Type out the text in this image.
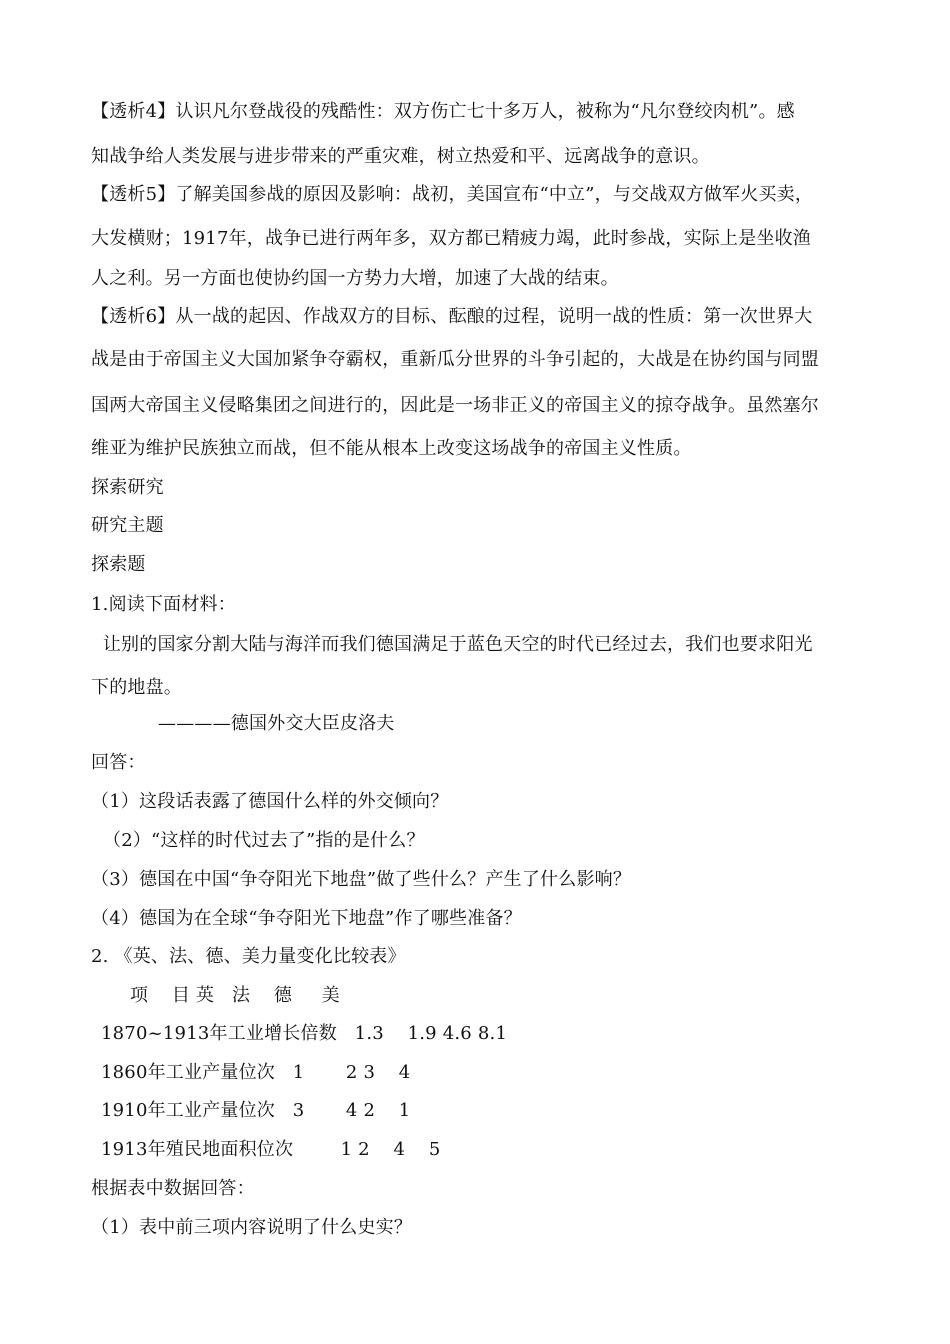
【透析4】认识凡尔登战役的残酷性：双方伤亡七十多万人，被称为“凡尔登绞肉机”。感
知战争给人类发展与进步带来的严重灾难，树立热爱和平、远离战争的意识。
【透析5】了解美国参战的原因及影响：战初，美国宣布“中立”，与交战双方做军火买卖，
大发横财；1917年，战争已进行两年多，双方都已精疲力竭，此时参战，实际上是坐收渔
人之利。另一方面也使协约国一方势力大增，加速了大战的结束。
【透析6】从一战的起因、作战双方的目标、酝酿的过程，说明一战的性质：第一次世界大
战是由于帝国主义大国加紧争夺霸权，重新瓜分世界的斗争引起的，大战是在协约国与同盟
国两大帝国主义侵略集团之间进行的，因此是一场非正义的帝国主义的掠夺战争。虽然塞尔
维亚为维护民族独立而战，但不能从根本上改变这场战争的帝国主义性质。
探索研究
研究主题
探索题
1.阅读下面材料：
让别的国家分割大陆与海洋而我们德国满足于蓝色天空的时代已经过去，我们也要求阳光
下的地盘。
————德国外交大臣皮洛夫
回答：
（1）这段话表露了德国什么样的外交倾向？
（2）“这样的时代过去了”指的是什么？
（3）德国在中国“争夺阳光下地盘”做了些什么？产生了什么影响？
（4）德国为在全球“争夺阳光下地盘”作了哪些准备？
2. 《英、法、德、美力量变化比较表》
项    目 英   法    德     美
1870~1913年工业增长倍数   1.3    1.9 4.6 8.1
1860年工业产量位次   1       2 3    4
1910年工业产量位次   3       4 2    1
1913年殖民地面积位次        1 2    4    5
根据表中数据回答：
（1）表中前三项内容说明了什么史实？
